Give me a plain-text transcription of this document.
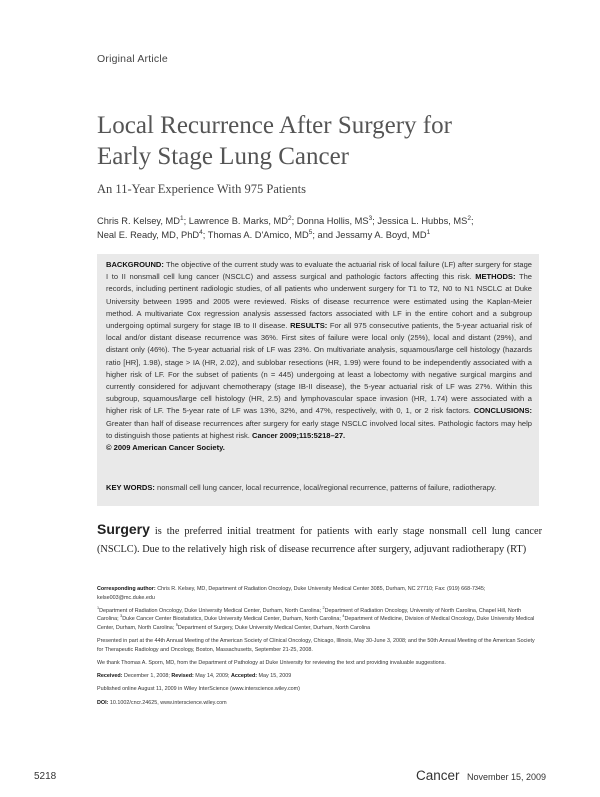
Original Article
Local Recurrence After Surgery for
Early Stage Lung Cancer
An 11-Year Experience With 975 Patients
Chris R. Kelsey, $MD^1$; Lawrence B. Marks, $MD^2$; Donna Hollis, $MS^3$; Jessica L. Hubbs, $MS^2$;
Neal E. Ready, MD, PhD$^4$; Thomas A. D'Amico, $MD^5$; and Jessamy A. Boyd, $MD^1$
BACKGROUND: The objective of the current study was to evaluate the actuarial risk of local failure (LF) after surgery for stage I to II nonsmall cell lung cancer (NSCLC) and assess surgical and pathologic factors affecting this risk. METHODS: The records, including pertinent radiologic studies, of all patients who underwent surgery for T1 to T2, N0 to N1 NSCLC at Duke University between 1995 and 2005 were reviewed. Risks of disease recurrence were estimated using the Kaplan-Meier method. A multivariate Cox regression analysis assessed factors associated with LF in the entire cohort and a subgroup undergoing optimal surgery for stage IB to II disease. RESULTS: For all 975 consecutive patients, the 5-year actuarial risk of local and/or distant disease recurrence was 36%. First sites of failure were local only (25%), local and distant (29%), and distant only (46%). The 5-year actuarial risk of LF was 23%. On multivariate analysis, squamous/large cell histology (hazards ratio [HR], 1.98), stage > IA (HR, 2.02), and sublobar resections (HR, 1.99) were found to be independently associated with a higher risk of LF. For the subset of patients (n = 445) undergoing at least a lobectomy with negative surgical margins and currently considered for adjuvant chemotherapy (stage IB-II disease), the 5-year actuarial risk of LF was 27%. Within this subgroup, squamous/large cell histology (HR, 2.5) and lymphovascular space invasion (HR, 1.74) were associated with a higher risk of LF. The 5-year rate of LF was 13%, 32%, and 47%, respectively, with 0, 1, or 2 risk factors. CONCLUSIONS: Greater than half of disease recurrences after surgery for early stage NSCLC involved local sites. Pathologic factors may help to distinguish those patients at highest risk. Cancer 2009;115:5218–27.
© 2009 American Cancer Society.
KEY WORDS: nonsmall cell lung cancer, local recurrence, local/regional recurrence, patterns of failure, radiotherapy.
Surgery is the preferred initial treatment for patients with early stage nonsmall cell lung cancer (NSCLC). Due to the relatively high risk of disease recurrence after surgery, adjuvant radiotherapy (RT)

Corresponding author: Chris R. Kelsey, MD, Department of Radiation Oncology, Duke University Medical Center 3085, Durham, NC 27710; Fax: (919) 668-7345; kelse003@mc.duke.edu

$^1$Department of Radiation Oncology, Duke University Medical Center, Durham, North Carolina; $^2$Department of Radiation Oncology, University of North Carolina, Chapel Hill, North Carolina; $^3$Duke Cancer Center Biostatistics, Duke University Medical Center, Durham, North Carolina; $^4$Department of Medicine, Division of Medical Oncology, Duke University Medical Center, Durham, North Carolina; $^5$Department of Surgery, Duke University Medical Center, Durham, North Carolina

Presented in part at the 44th Annual Meeting of the American Society of Clinical Oncology, Chicago, Illinois, May 30-June 3, 2008; and the 50th Annual Meeting of the American Society for Therapeutic Radiology and Oncology, Boston, Massachusetts, September 21-25, 2008.

We thank Thomas A. Sporn, MD, from the Department of Pathology at Duke University for reviewing the text and providing invaluable suggestions.

Received: December 1, 2008; Revised: May 14, 2009; Accepted: May 15, 2009

Published online August 11, 2009 in Wiley InterScience (www.interscience.wiley.com)

DOI: 10.1002/cncr.24625, www.interscience.wiley.com

5218	Cancer November 15, 2009
